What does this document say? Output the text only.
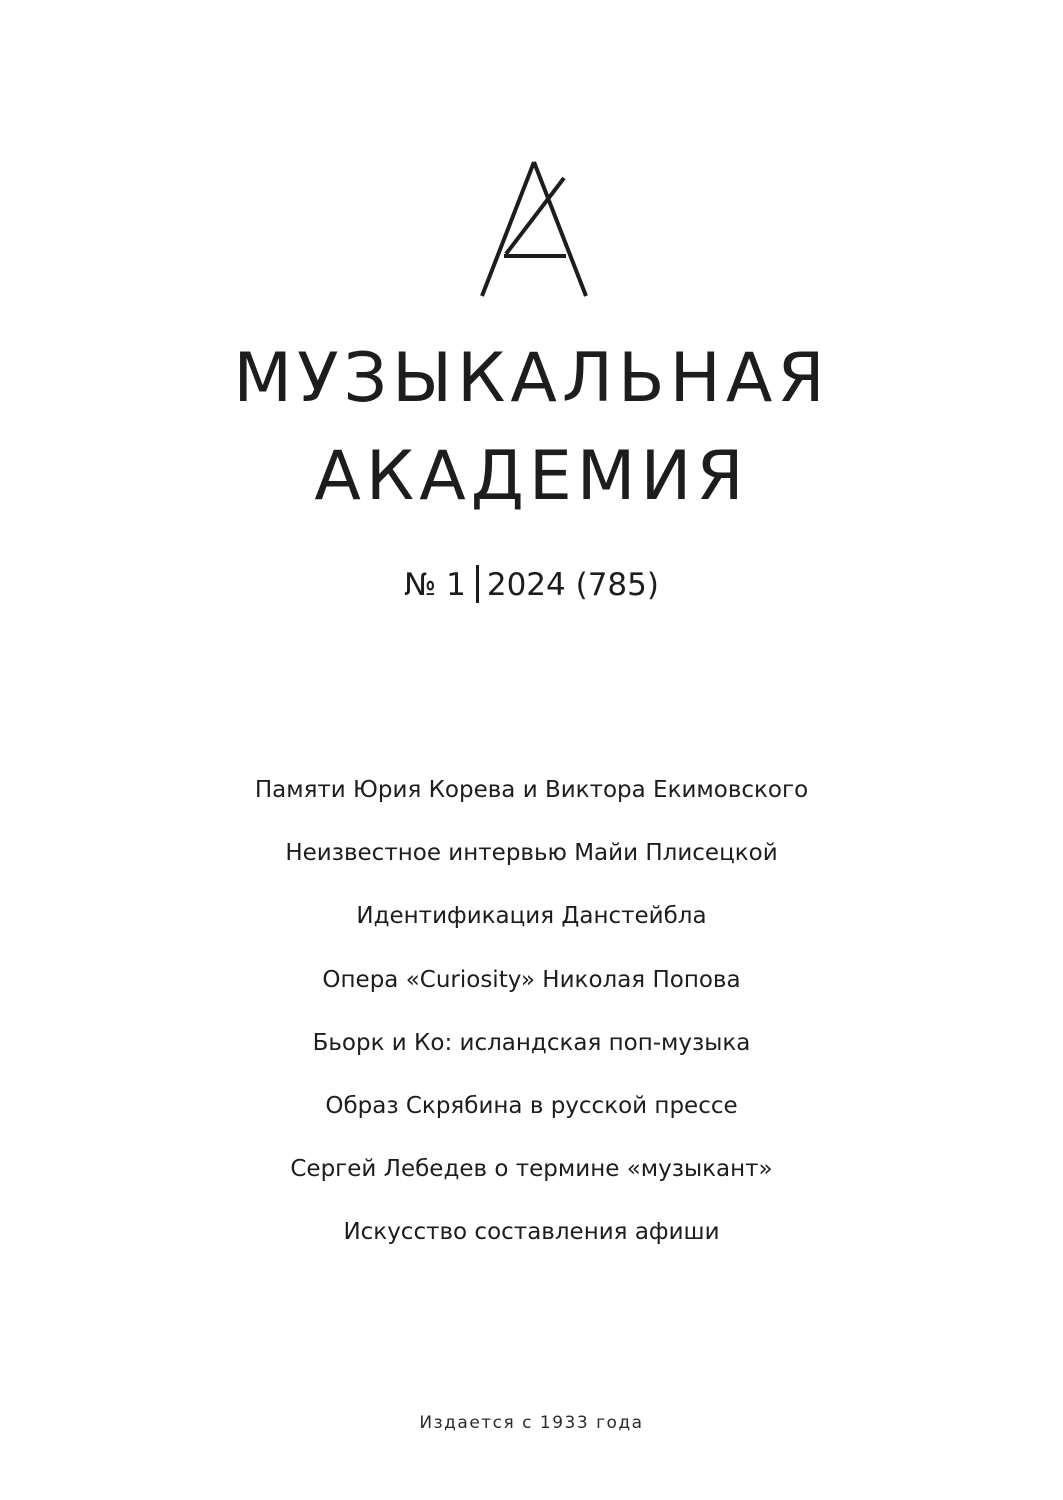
МУЗЫКАЛЬНАЯ
АКАДЕМИЯ
№ 1 2024 (785)
Памяти Юрия Корева и Виктора Екимовского
Неизвестное интервью Майи Плисецкой
Идентификация Данстейбла
Опера «Curiosity» Николая Попова
Бьорк и Ко: исландская поп-музыка
Образ Скрябина в русской прессе
Сергей Лебедев о термине «музыкант»
Искусство составления афиши
Издается с 1933 года
